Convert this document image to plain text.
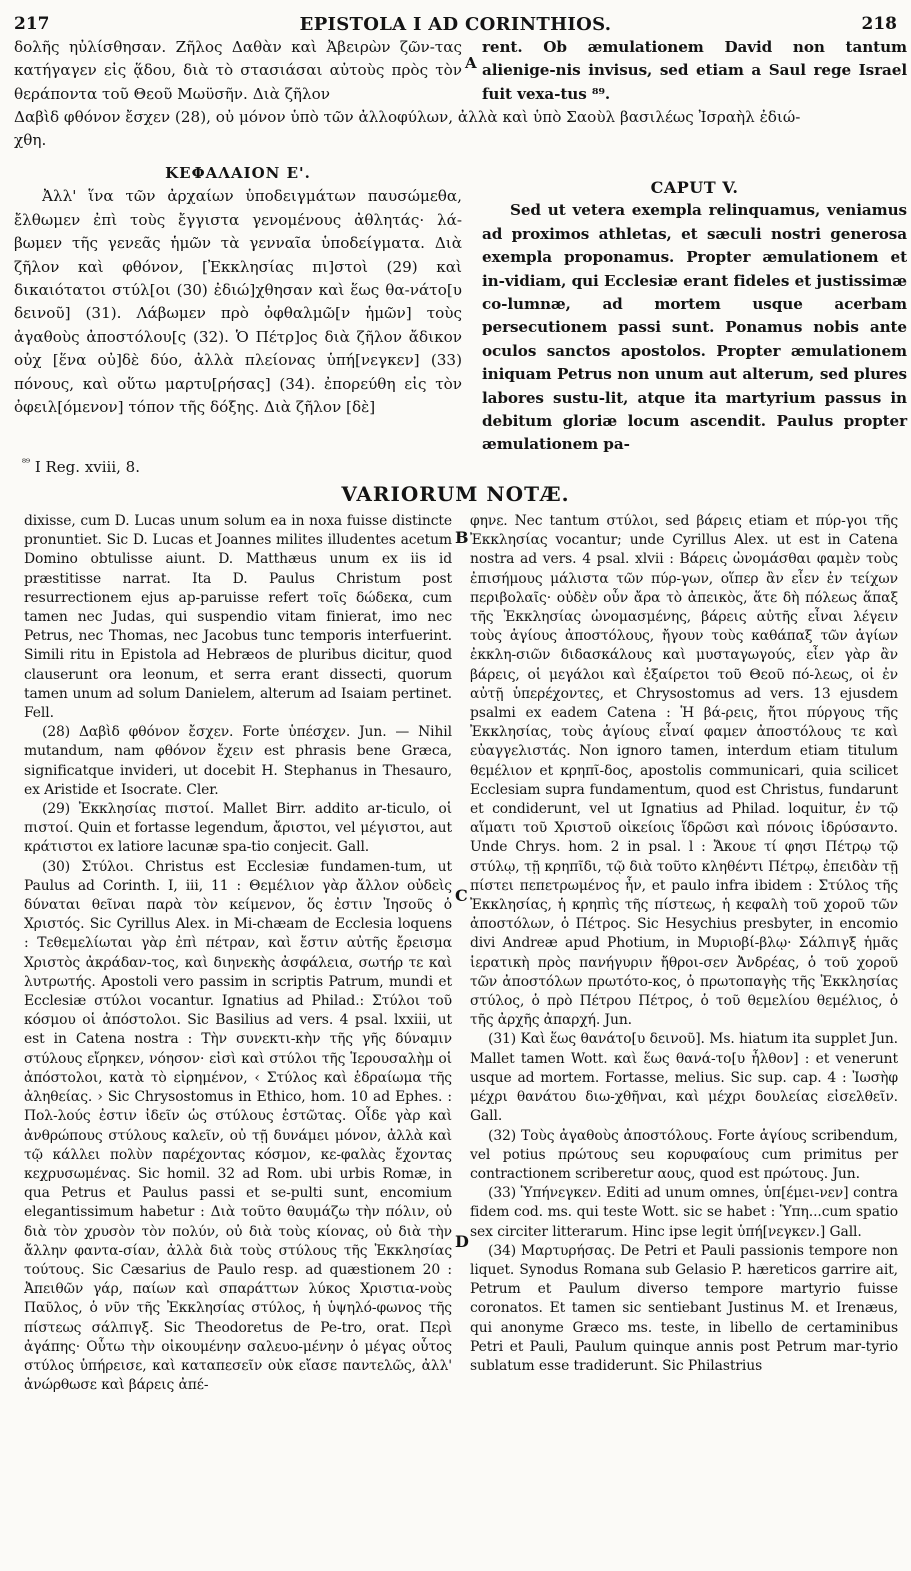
217	EPISTOLA I AD CORINTHIOS.	218

δολῆς ηὐλίσθησαν. Ζῆλος Δαθὰν καὶ Ἀβειρὼν ζῶν-τας κατήγαγεν εἰς ᾅδου, διὰ τὸ στασιάσαι αὐτοὺς πρὸς τὸν θεράποντα τοῦ Θεοῦ Μωϋσῆν. Διὰ ζῆλον

rent. Ob æmulationem David non tantum alienige-nis invisus, sed etiam a Saul rege Israel fuit vexa-tus ⁸⁹.

Δαβὶδ φθόνον ἔσχεν (28), οὐ μόνον ὑπὸ τῶν ἀλλοφύλων, ἀλλὰ καὶ ὑπὸ Σαοὺλ βασιλέως Ἰσραὴλ ἐδιώ-
χθη.

ΚΕΦΑΛΑΙΟΝ Ε'.

Ἀλλ' ἵνα τῶν ἀρχαίων ὑποδειγμάτων παυσώμεθα, ἔλθωμεν ἐπὶ τοὺς ἔγγιστα γενομένους ἀθλητάς· λά-βωμεν τῆς γενεᾶς ἡμῶν τὰ γενναῖα ὑποδείγματα. Διὰ ζῆλον καὶ φθόνον, [Ἐκκλησίας πι]στοὶ (29) καὶ δικαιότατοι στύλ[οι (30) ἐδιώ]χθησαν καὶ ἕως θα-νάτο[υ δεινοῦ] (31). Λάβωμεν πρὸ ὀφθαλμῶ[ν ἡμῶν] τοὺς ἀγαθοὺς ἀποστόλου[ς (32). Ὁ Πέτρ]ος διὰ ζῆλον ἄδικον οὐχ [ἕνα οὐ]δὲ δύο, ἀλλὰ πλείονας ὑπή[νεγκεν] (33) πόνους, καὶ οὕτω μαρτυ[ρήσας] (34). ἐπορεύθη εἰς τὸν ὀφειλ[όμενον] τόπον τῆς δόξης. Διὰ ζῆλον [δὲ]

CAPUT V.

Sed ut vetera exempla relinquamus, veniamus ad proximos athletas, et sæculi nostri generosa exempla proponamus. Propter æmulationem et in-vidiam, qui Ecclesiæ erant fideles et justissimæ co-lumnæ, ad mortem usque acerbam persecutionem passi sunt. Ponamus nobis ante oculos sanctos apostolos. Propter æmulationem iniquam Petrus non unum aut alterum, sed plures labores sustu-lit, atque ita martyrium passus in debitum gloriæ locum ascendit. Paulus propter æmulationem pa-

A
$^{^{89}}$ I Reg. xviii, 8.
VARIORUM NOTÆ.

dixisse, cum D. Lucas unum solum ea in noxa fuisse distincte pronuntiet. Sic D. Lucas et Joannes milites illudentes acetum Domino obtulisse aiunt. D. Matthæus unum ex iis id præstitisse narrat. Ita D. Paulus Christum post resurrectionem ejus ap-paruisse refert τοῖς δώδεκα, cum tamen nec Judas, qui suspendio vitam finierat, imo nec Petrus, nec Thomas, nec Jacobus tunc temporis interfuerint. Simili ritu in Epistola ad Hebræos de pluribus dicitur, quod clauserunt ora leonum, et serra erant dissecti, quorum tamen unum ad solum Danielem, alterum ad Isaiam pertinet. Fell.

(28) Δαβὶδ φθόνον ἔσχεν. Forte ὑπέσχεν. Jun. — Nihil mutandum, nam φθόνον ἔχειν est phrasis bene Græca, significatque invideri, ut docebit H. Stephanus in Thesauro, ex Aristide et Isocrate. Cler.

(29) Ἐκκλησίας πιστοί. Mallet Birr. addito ar-ticulo, οἱ πιστοί. Quin et fortasse legendum, ἄριστοι, vel μέγιστοι, aut κράτιστοι ex latiore lacunæ spa-tio conjecit. Gall.

(30) Στύλοι. Christus est Ecclesiæ fundamen-tum, ut Paulus ad Corinth. I, iii, 11 : Θεμέλιον γὰρ ἄλλον οὐδεὶς δύναται θεῖναι παρὰ τὸν κείμενον, ὅς ἐστιν Ἰησοῦς ὁ Χριστός. Sic Cyrillus Alex. in Mi-chæam de Ecclesia loquens : Τεθεμελίωται γὰρ ἐπὶ πέτραν, καὶ ἔστιν αὐτῆς ἔρεισμα Χριστὸς ἀκράδαν-τος, καὶ διηνεκὴς ἀσφάλεια, σωτήρ τε καὶ λυτρωτής. Apostoli vero passim in scriptis Patrum, mundi et Ecclesiæ στύλοι vocantur. Ignatius ad Philad.: Στύλοι τοῦ κόσμου οἱ ἀπόστολοι. Sic Basilius ad vers. 4 psal. lxxiii, ut est in Catena nostra : Τὴν συνεκτι-κὴν τῆς γῆς δύναμιν στύλους εἴρηκεν, νόησον· εἰσὶ καὶ στύλοι τῆς Ἱερουσαλὴμ οἱ ἀπόστολοι, κατὰ τὸ εἰρημένον, ‹ Στύλος καὶ ἑδραίωμα τῆς ἀληθείας. › Sic Chrysostomus in Ethico, hom. 10 ad Ephes. : Πολ-λούς ἐστιν ἰδεῖν ὡς στύλους ἑστῶτας. Οἶδε γὰρ καὶ ἀνθρώπους στύλους καλεῖν, οὐ τῇ δυνάμει μόνον, ἀλλὰ καὶ τῷ κάλλει πολὺν παρέχοντας κόσμον, κε-φαλὰς ἔχοντας κεχρυσωμένας. Sic homil. 32 ad Rom. ubi urbis Romæ, in qua Petrus et Paulus passi et se-pulti sunt, encomium elegantissimum habetur : Διὰ τοῦτο θαυμάζω τὴν πόλιν, οὐ διὰ τὸν χρυσὸν τὸν πολύν, οὐ διὰ τοὺς κίονας, οὐ διὰ τὴν ἄλλην φαντα-σίαν, ἀλλὰ διὰ τοὺς στύλους τῆς Ἐκκλησίας τούτους. Sic Cæsarius de Paulo resp. ad quæstionem 20 : Ἀπειθῶν γάρ, παίων καὶ σπαράττων λύκος Χριστια-νοὺς Παῦλος, ὁ νῦν τῆς Ἐκκλησίας στύλος, ἡ ὑψηλό-φωνος τῆς πίστεως σάλπιγξ. Sic Theodoretus de Pe-tro, orat. Περὶ ἀγάπης· Οὗτω τὴν οἰκουμένην σαλευο-μένην ὁ μέγας οὗτος στύλος ὑπήρεισε, καὶ καταπεσεῖν οὐκ εἴασε παντελῶς, ἀλλ' ἀνώρθωσε καὶ βάρεις ἀπέ-

B
C
D

φηνε. Nec tantum στύλοι, sed βάρεις etiam et πύρ-γοι τῆς Ἐκκλησίας vocantur; unde Cyrillus Alex. ut est in Catena nostra ad vers. 4 psal. xlvii : Βάρεις ὠνομάσθαι φαμὲν τοὺς ἐπισήμους μάλιστα τῶν πύρ-γων, οἵπερ ἂν εἶεν ἐν τείχων περιβολαῖς· οὐδὲν οὖν ἄρα τὸ ἀπεικὸς, ἅτε δὴ πόλεως ἅπαξ τῆς Ἐκκλησίας ὠνομασμένης, βάρεις αὐτῆς εἶναι λέγειν τοὺς ἁγίους ἀποστόλους, ἤγουν τοὺς καθάπαξ τῶν ἁγίων ἐκκλη-σιῶν διδασκάλους καὶ μυσταγωγούς, εἶεν γὰρ ἂν βάρεις, οἱ μεγάλοι καὶ ἐξαίρετοι τοῦ Θεοῦ πό-λεως, οἱ ἐν αὐτῇ ὑπερέχοντες, et Chrysostomus ad vers. 13 ejusdem psalmi ex eadem Catena : Ἡ βά-ρεις, ἤτοι πύργους τῆς Ἐκκλησίας, τοὺς ἁγίους εἶναί φαμεν ἀποστόλους τε καὶ εὐαγγελιστάς. Non ignoro tamen, interdum etiam titulum θεμέλιον et κρηπῖ-δος, apostolis communicari, quia scilicet Ecclesiam supra fundamentum, quod est Christus, fundarunt et condiderunt, vel ut Ignatius ad Philad. loquitur, ἐν τῷ αἵματι τοῦ Χριστοῦ οἰκείοις ἵδρῶσι καὶ πόνοις ἱδρύσαντο. Unde Chrys. hom. 2 in psal. l : Ἄκουε τί φησι Πέτρῳ τῷ στύλῳ, τῇ κρηπῖδι, τῷ διὰ τοῦτο κληθέντι Πέτρῳ, ἐπειδὰν τῇ πίστει πεπετρωμένος ἦν, et paulo infra ibidem : Στύλος τῆς Ἐκκλησίας, ἡ κρηπὶς τῆς πίστεως, ἡ κεφαλὴ τοῦ χοροῦ τῶν ἀποστόλων, ὁ Πέτρος. Sic Hesychius presbyter, in encomio divi Andreæ apud Photium, in Μυριοβί-βλῳ· Σάλπιγξ ἡμᾶς ἱερατικὴ πρὸς πανήγυριν ἤθροι-σεν Ἀνδρέας, ὁ τοῦ χοροῦ τῶν ἀποστόλων πρωτότο-κος, ὁ πρωτοπαγὴς τῆς Ἐκκλησίας στύλος, ὁ πρὸ Πέτρου Πέτρος, ὁ τοῦ θεμελίου θεμέλιος, ὁ τῆς ἀρχῆς ἀπαρχή. Jun.

(31) Καὶ ἕως θανάτο[υ δεινοῦ]. Ms. hiatum ita supplet Jun. Mallet tamen Wott. καὶ ἕως θανά-το[υ ἦλθον] : et venerunt usque ad mortem. Fortasse, melius. Sic sup. cap. 4 : Ἰωσὴφ μέχρι θανάτου διω-χθῆναι, καὶ μέχρι δουλείας εἰσελθεῖν. Gall.

(32) Τοὺς ἀγαθοὺς ἀποστόλους. Forte ἁγίους scribendum, vel potius πρώτους seu κορυφαίους cum primitus per contractionem scriberetur αους, quod est πρώτους. Jun.

(33) Ὑπήνεγκεν. Editi ad unum omnes, ὑπ[έμει-νεν] contra fidem cod. ms. qui teste Wott. sic se habet : Ὑπη...cum spatio sex circiter litterarum. Hinc ipse legit ὑπή[νεγκεν.] Gall.

(34) Μαρτυρήσας. De Petri et Pauli passionis tempore non liquet. Synodus Romana sub Gelasio P. hæreticos garrire ait, Petrum et Paulum diverso tempore martyrio fuisse coronatos. Et tamen sic sentiebant Justinus M. et Irenæus, qui anonyme Græco ms. teste, in libello de certaminibus Petri et Pauli, Paulum quinque annis post Petrum mar-tyrio sublatum esse tradiderunt. Sic Philastrius
